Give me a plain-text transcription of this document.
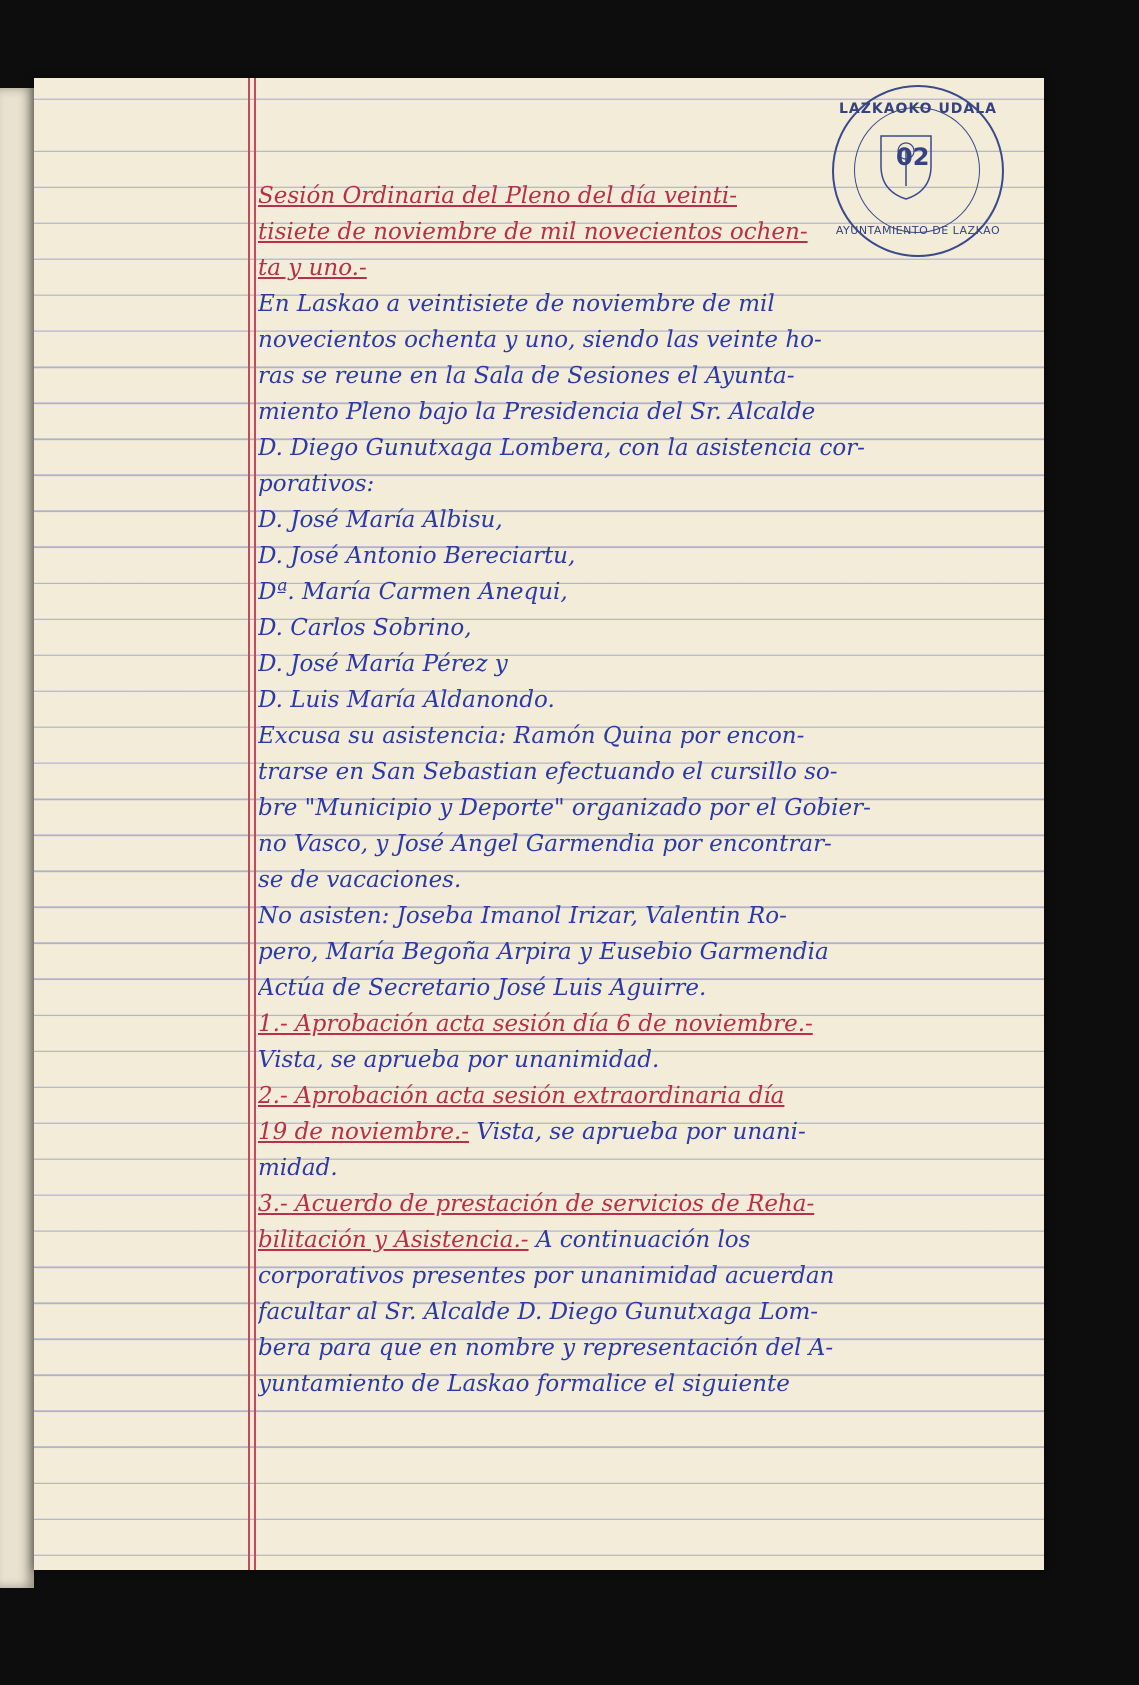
LAZKAOKO UDALA
02
AYUNTAMIENTO DE LAZKAO
Sesión Ordinaria del Pleno del día veinti-
tisiete de noviembre de mil novecientos ochen-
ta y uno.-
En Laskao a veintisiete de noviembre de mil
novecientos ochenta y uno, siendo las veinte ho-
ras se reune en la Sala de Sesiones el Ayunta-
miento Pleno bajo la Presidencia del Sr. Alcalde
D. Diego Gunutxaga Lombera, con la asistencia cor-
porativos:
D. José María Albisu,
D. José Antonio Bereciartu,
Dª. María Carmen Anequi,
D. Carlos Sobrino,
D. José María Pérez y
D. Luis María Aldanondo.
Excusa su asistencia: Ramón Quina por encon-
trarse en San Sebastian efectuando el cursillo so-
bre "Municipio y Deporte" organizado por el Gobier-
no Vasco, y José Angel Garmendia por encontrar-
se de vacaciones.
No asisten: Joseba Imanol Irizar, Valentin Ro-
pero, María Begoña Arpira y Eusebio Garmendia
Actúa de Secretario José Luis Aguirre.
1.- Aprobación acta sesión día 6 de noviembre.-
Vista, se aprueba por unanimidad.
2.- Aprobación acta sesión extraordinaria día
19 de noviembre.- Vista, se aprueba por unani-
midad.
3.- Acuerdo de prestación de servicios de Reha-
bilitación y Asistencia.- A continuación los
corporativos presentes por unanimidad acuerdan
facultar al Sr. Alcalde D. Diego Gunutxaga Lom-
bera para que en nombre y representación del A-
yuntamiento de Laskao formalice el siguiente
